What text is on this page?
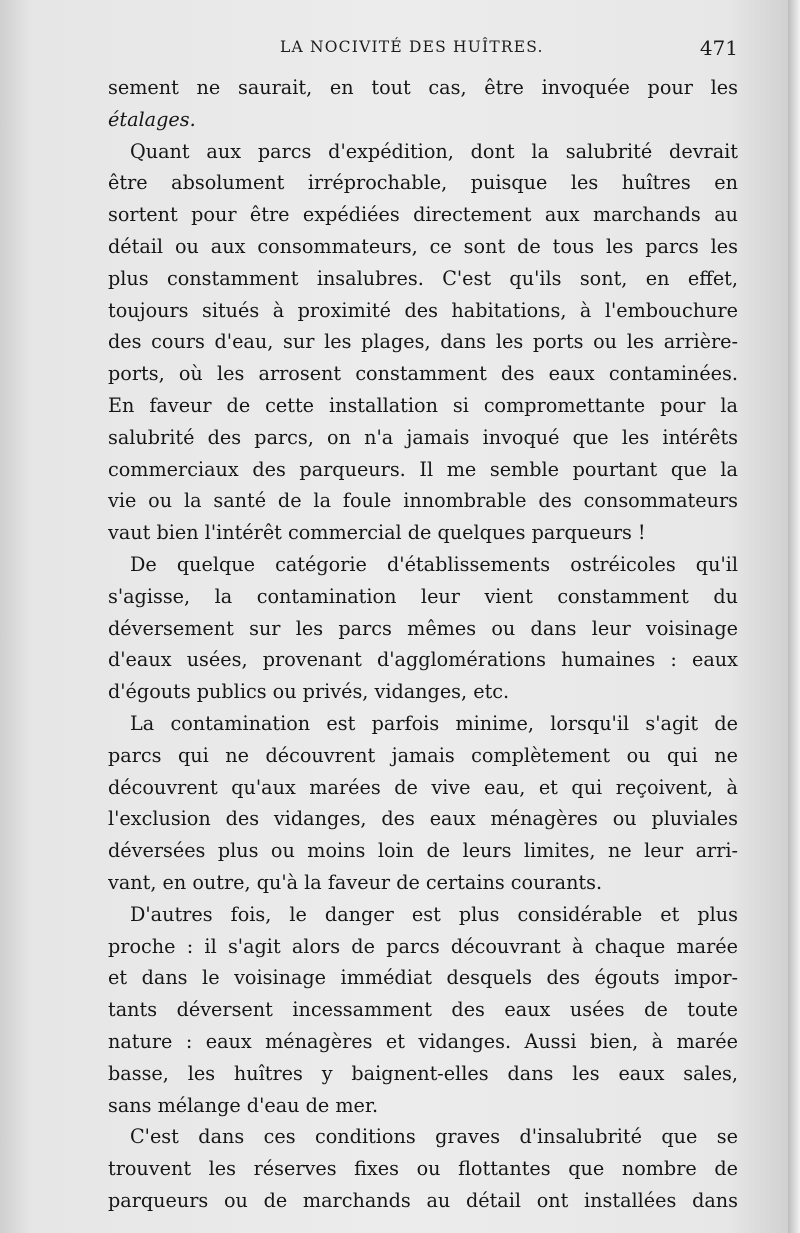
LA NOCIVITÉ DES HUÎTRES.	471
sement ne saurait, en tout cas, être invoquée pour les
étalages.
Quant aux parcs d'expédition, dont la salubrité devrait
être absolument irréprochable, puisque les huîtres en
sortent pour être expédiées directement aux marchands au
détail ou aux consommateurs, ce sont de tous les parcs les
plus constamment insalubres. C'est qu'ils sont, en effet,
toujours situés à proximité des habitations, à l'embouchure
des cours d'eau, sur les plages, dans les ports ou les arrière-
ports, où les arrosent constamment des eaux contaminées.
En faveur de cette installation si compromettante pour la
salubrité des parcs, on n'a jamais invoqué que les intérêts
commerciaux des parqueurs. Il me semble pourtant que la
vie ou la santé de la foule innombrable des consommateurs
vaut bien l'intérêt commercial de quelques parqueurs !
De quelque catégorie d'établissements ostréicoles qu'il
s'agisse, la contamination leur vient constamment du
déversement sur les parcs mêmes ou dans leur voisinage
d'eaux usées, provenant d'agglomérations humaines : eaux
d'égouts publics ou privés, vidanges, etc.
La contamination est parfois minime, lorsqu'il s'agit de
parcs qui ne découvrent jamais complètement ou qui ne
découvrent qu'aux marées de vive eau, et qui reçoivent, à
l'exclusion des vidanges, des eaux ménagères ou pluviales
déversées plus ou moins loin de leurs limites, ne leur arri-
vant, en outre, qu'à la faveur de certains courants.
D'autres fois, le danger est plus considérable et plus
proche : il s'agit alors de parcs découvrant à chaque marée
et dans le voisinage immédiat desquels des égouts impor-
tants déversent incessamment des eaux usées de toute
nature : eaux ménagères et vidanges. Aussi bien, à marée
basse, les huîtres y baignent-elles dans les eaux sales,
sans mélange d'eau de mer.
C'est dans ces conditions graves d'insalubrité que se
trouvent les réserves fixes ou flottantes que nombre de
parqueurs ou de marchands au détail ont installées dans
